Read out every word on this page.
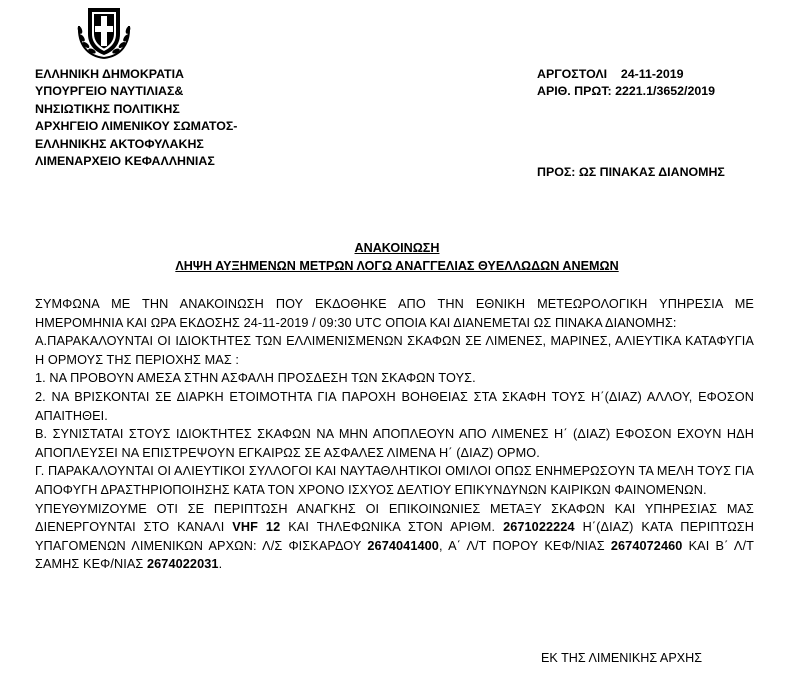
ΕΛΛΗΝΙΚΗ ΔΗΜΟΚΡΑΤΙΑ
ΥΠΟΥΡΓΕΙΟ ΝΑΥΤΙΛΙΑΣ&
ΝΗΣΙΩΤΙΚΗΣ ΠΟΛΙΤΙΚΗΣ
ΑΡΧΗΓΕΙΟ ΛΙΜΕΝΙΚΟΥ ΣΩΜΑΤΟΣ-
ΕΛΛΗΝΙΚΗΣ ΑΚΤΟΦΥΛΑΚΗΣ
ΛΙΜΕΝΑΡΧΕΙΟ ΚΕΦΑΛΛΗΝΙΑΣ
ΑΡΓΟΣΤΟΛΙ    24-11-2019
ΑΡΙΘ. ΠΡΩΤ: 2221.1/3652/2019
ΠΡΟΣ: ΩΣ ΠΙΝΑΚΑΣ ΔΙΑΝΟΜΗΣ
ΑΝΑΚΟΙΝΩΣΗ
ΛΗΨΗ ΑΥΞΗΜΕΝΩΝ ΜΕΤΡΩΝ ΛΟΓΩ ΑΝΑΓΓΕΛΙΑΣ ΘΥΕΛΛΩΔΩΝ ΑΝΕΜΩΝ

ΣΥΜΦΩΝΑ ΜΕ ΤΗΝ ΑΝΑΚΟΙΝΩΣΗ ΠΟΥ ΕΚΔΟΘΗΚΕ ΑΠΟ ΤΗΝ ΕΘΝΙΚΗ ΜΕΤΕΩΡΟΛΟΓΙΚΗ ΥΠΗΡΕΣΙΑ ΜΕ ΗΜΕΡΟΜΗΝΙΑ ΚΑΙ ΩΡΑ ΕΚΔΟΣΗΣ 24-11-2019 / 09:30 UTC ΟΠΟΙΑ ΚΑΙ ΔΙΑΝΕΜΕΤΑΙ ΩΣ ΠΙΝΑΚΑ ΔΙΑΝΟΜΗΣ:

Α.ΠΑΡΑΚΑΛΟΥΝΤΑΙ ΟΙ ΙΔΙΟΚΤΗΤΕΣ ΤΩΝ ΕΛΛΙΜΕΝΙΣΜΕΝΩΝ ΣΚΑΦΩΝ ΣΕ ΛΙΜΕΝΕΣ, ΜΑΡΙΝΕΣ, ΑΛΙΕΥΤΙΚΑ ΚΑΤΑΦΥΓΙΑ Η ΟΡΜΟΥΣ ΤΗΣ ΠΕΡΙΟΧΗΣ ΜΑΣ :

1. ΝΑ ΠΡΟΒΟΥΝ ΑΜΕΣΑ ΣΤΗΝ ΑΣΦΑΛΗ ΠΡΟΣΔΕΣΗ ΤΩΝ ΣΚΑΦΩΝ ΤΟΥΣ.

2. ΝΑ ΒΡΙΣΚΟΝΤΑΙ ΣΕ ΔΙΑΡΚΗ ΕΤΟΙΜΟΤΗΤΑ ΓΙΑ ΠΑΡΟΧΗ ΒΟΗΘΕΙΑΣ ΣΤΑ ΣΚΑΦΗ ΤΟΥΣ Η΄(ΔΙΑΖ) ΑΛΛΟΥ, ΕΦΟΣΟΝ ΑΠΑΙΤΗΘΕΙ.

Β. ΣΥΝΙΣΤΑΤΑΙ ΣΤΟΥΣ ΙΔΙΟΚΤΗΤΕΣ ΣΚΑΦΩΝ ΝΑ ΜΗΝ ΑΠΟΠΛΕΟΥΝ ΑΠΟ ΛΙΜΕΝΕΣ Η΄ (ΔΙΑΖ) ΕΦΟΣΟΝ ΕΧΟΥΝ ΗΔΗ ΑΠΟΠΛΕΥΣΕΙ ΝΑ ΕΠΙΣΤΡΕΨΟΥΝ ΕΓΚΑΙΡΩΣ ΣΕ ΑΣΦΑΛΕΣ ΛΙΜΕΝΑ Η΄ (ΔΙΑΖ) ΟΡΜΟ.

Γ. ΠΑΡΑΚΑΛΟΥΝΤΑΙ ΟΙ ΑΛΙΕΥΤΙΚΟΙ ΣΥΛΛΟΓΟΙ ΚΑΙ ΝΑΥΤΑΘΛΗΤΙΚΟΙ ΟΜΙΛΟΙ ΟΠΩΣ ΕΝΗΜΕΡΩΣΟΥΝ ΤΑ ΜΕΛΗ ΤΟΥΣ ΓΙΑ ΑΠΟΦΥΓΗ ΔΡΑΣΤΗΡΙΟΠΟΙΗΣΗΣ ΚΑΤΑ ΤΟΝ ΧΡΟΝΟ ΙΣΧΥΟΣ ΔΕΛΤΙΟΥ ΕΠΙΚΥΝΔΥΝΩΝ ΚΑΙΡΙΚΩΝ ΦΑΙΝΟΜΕΝΩΝ.

ΥΠΕΥΘΥΜΙΖΟΥΜΕ ΟΤΙ ΣΕ ΠΕΡΙΠΤΩΣΗ ΑΝΑΓΚΗΣ ΟΙ ΕΠΙΚΟΙΝΩΝΙΕΣ ΜΕΤΑΞΥ ΣΚΑΦΩΝ ΚΑΙ ΥΠΗΡΕΣΙΑΣ ΜΑΣ ΔΙΕΝΕΡΓΟΥΝΤΑΙ ΣΤΟ ΚΑΝΑΛΙ VHF 12 ΚΑΙ ΤΗΛΕΦΩΝΙΚΑ ΣΤΟΝ ΑΡΙΘΜ. 2671022224 Η΄(ΔΙΑΖ) ΚΑΤΑ ΠΕΡΙΠΤΩΣΗ ΥΠΑΓΟΜΕΝΩΝ ΛΙΜΕΝΙΚΩΝ ΑΡΧΩΝ: Λ/Σ ΦΙΣΚΑΡΔΟΥ 2674041400, Α΄ Λ/Τ ΠΟΡΟΥ ΚΕΦ/ΝΙΑΣ 2674072460 ΚΑΙ Β΄ Λ/Τ ΣΑΜΗΣ ΚΕΦ/ΝΙΑΣ 2674022031.

ΕΚ ΤΗΣ ΛΙΜΕΝΙΚΗΣ ΑΡΧΗΣ
